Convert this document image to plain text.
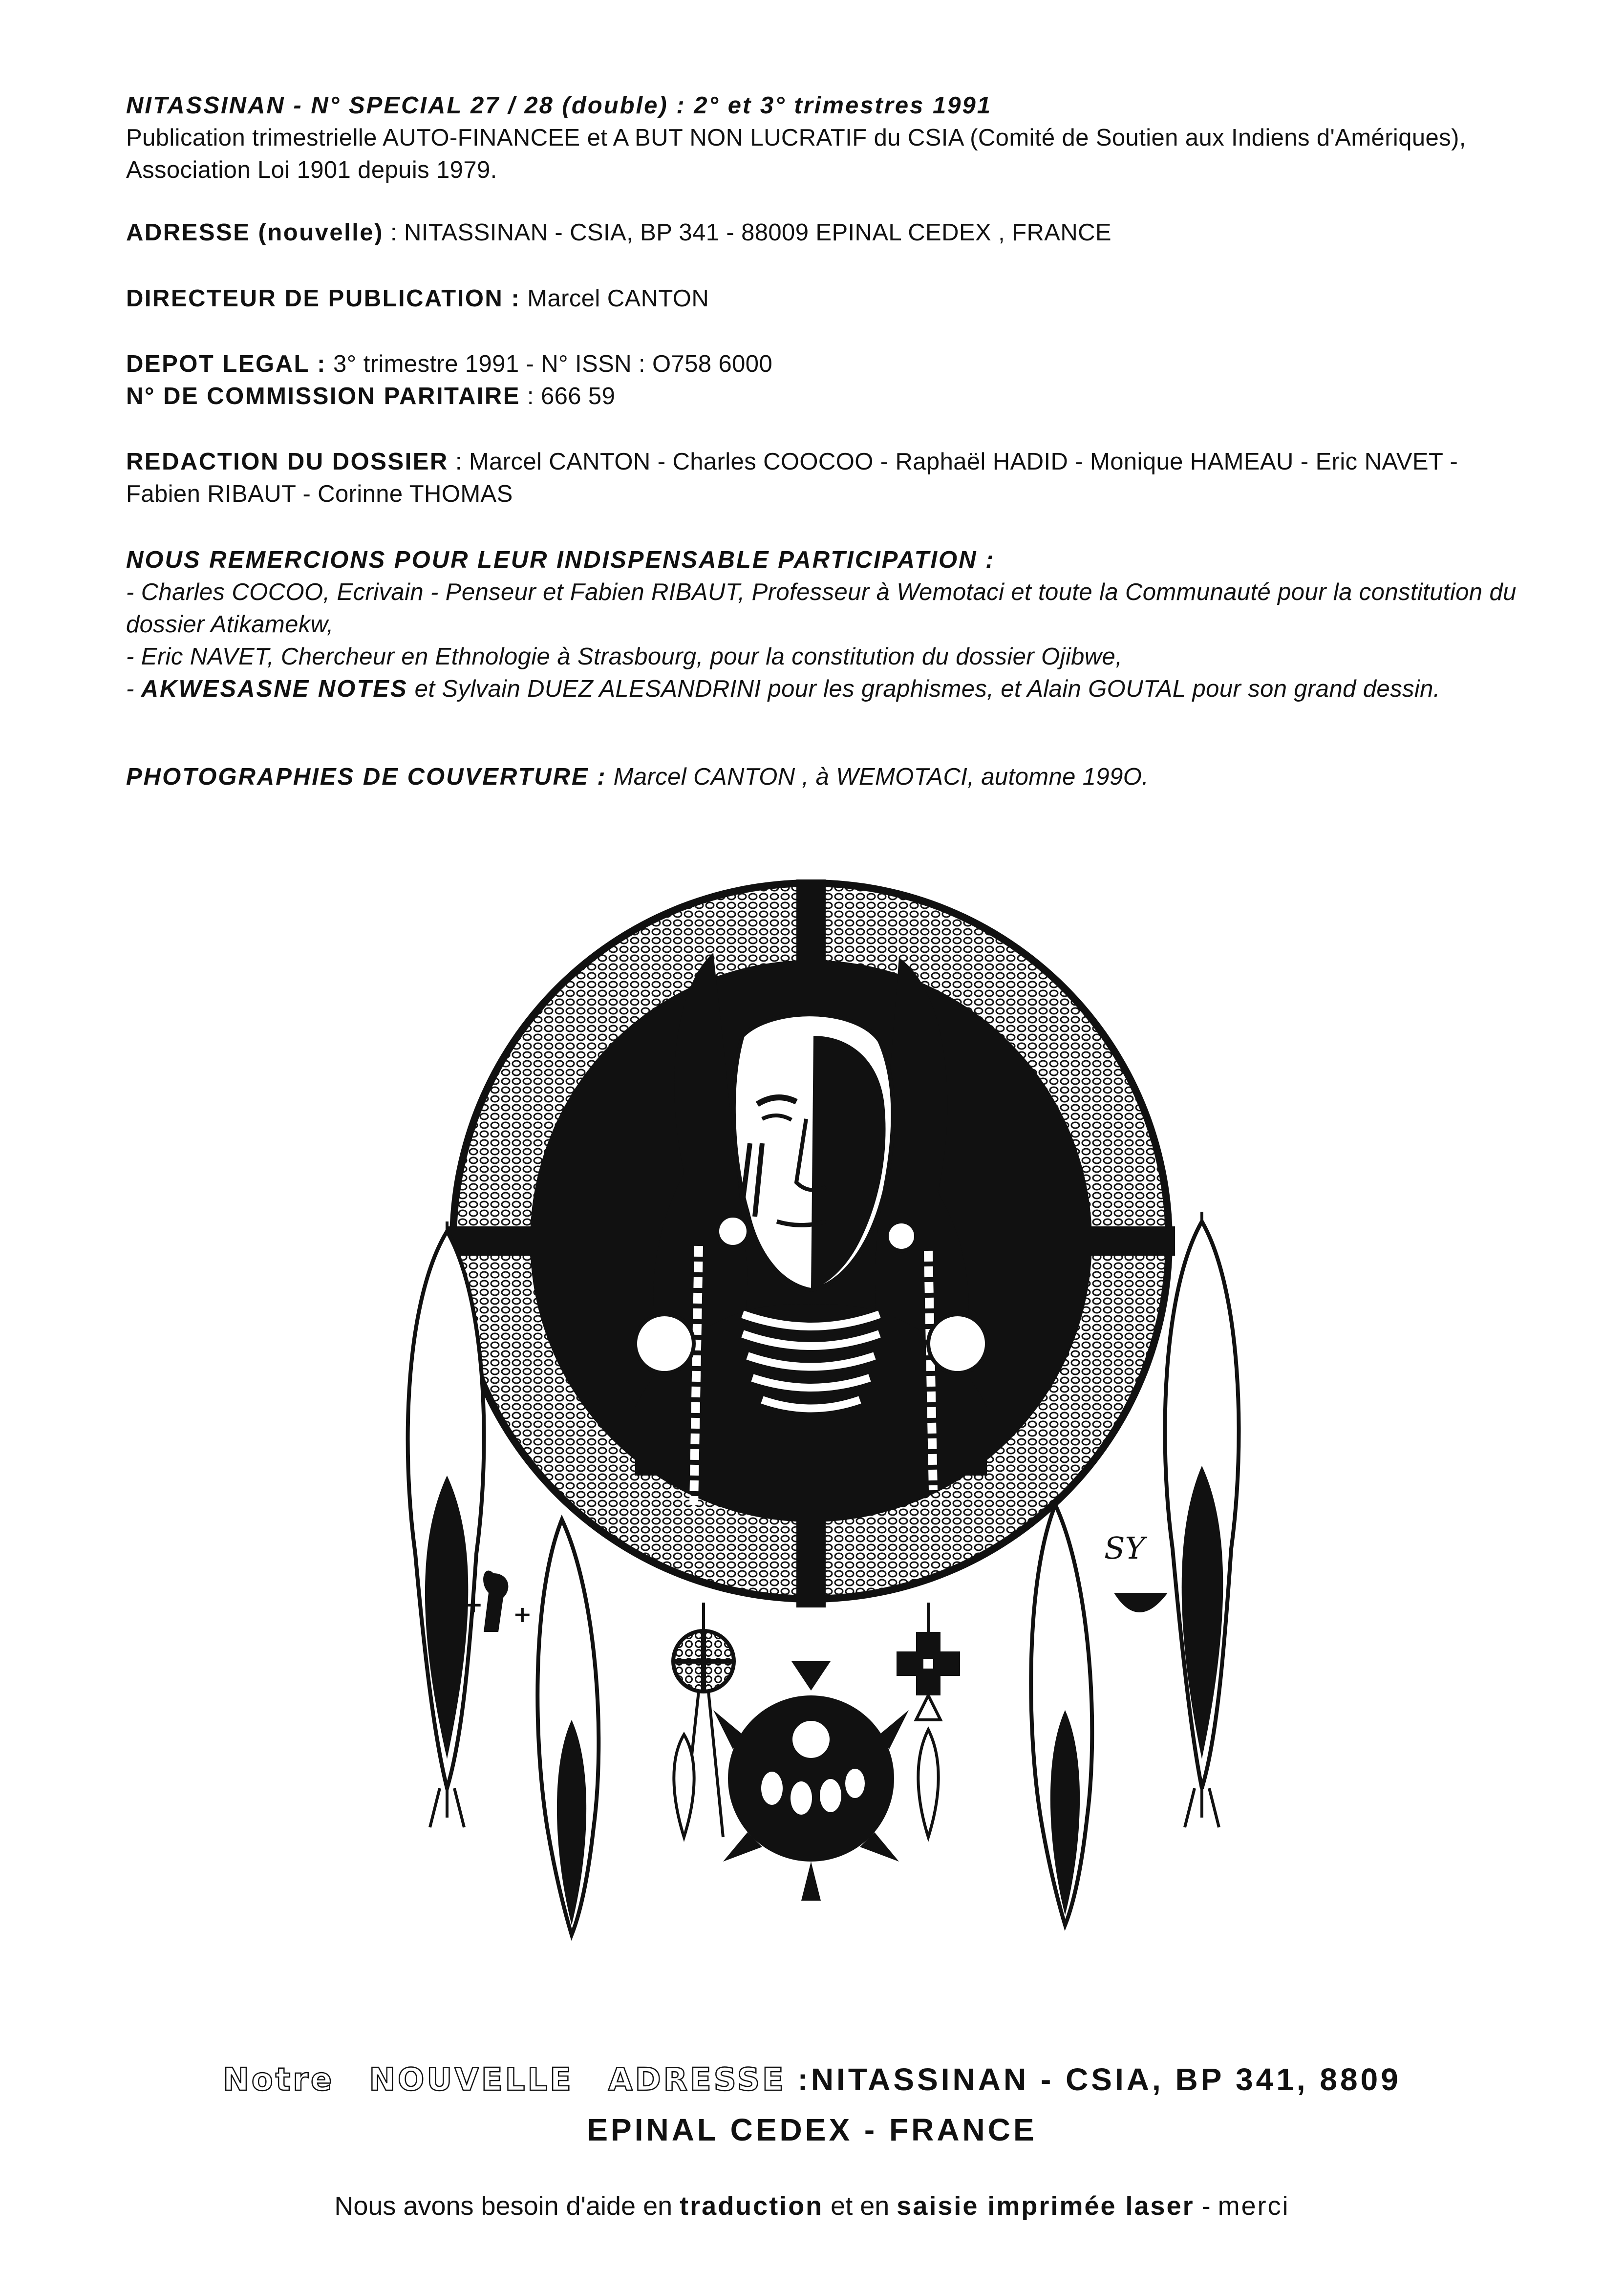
NITASSINAN - N° SPECIAL 27 / 28 (double) : 2° et 3° trimestres 1991

Publication trimestrielle AUTO-FINANCEE et A BUT NON LUCRATIF du CSIA (Comité de Soutien aux Indiens d'Amériques), Association Loi 1901 depuis 1979.

ADRESSE (nouvelle) : NITASSINAN - CSIA, BP 341 - 88009 EPINAL CEDEX , FRANCE

DIRECTEUR DE PUBLICATION : Marcel CANTON

DEPOT LEGAL : 3° trimestre 1991 - N° ISSN : O758 6000

N° DE COMMISSION PARITAIRE : 666 59

REDACTION DU DOSSIER : Marcel CANTON - Charles COOCOO - Raphaël HADID - Monique HAMEAU - Eric NAVET - Fabien RIBAUT - Corinne THOMAS

NOUS REMERCIONS POUR LEUR INDISPENSABLE PARTICIPATION :

- Charles COCOO, Ecrivain - Penseur et Fabien RIBAUT, Professeur à Wemotaci et toute la Communauté pour la constitution du dossier Atikamekw,

- Eric NAVET, Chercheur en Ethnologie à Strasbourg, pour la constitution du dossier Ojibwe,

- AKWESASNE NOTES et Sylvain DUEZ ALESANDRINI pour les graphismes, et Alain GOUTAL pour son grand dessin.

PHOTOGRAPHIES DE COUVERTURE : Marcel CANTON , à WEMOTACI, automne 199O.

+ +
SY
Notre NOUVELLE ADRESSE :NITASSINAN - CSIA, BP 341, 8809
EPINAL CEDEX - FRANCE
Nous avons besoin d'aide en traduction et en saisie imprimée laser - merci
